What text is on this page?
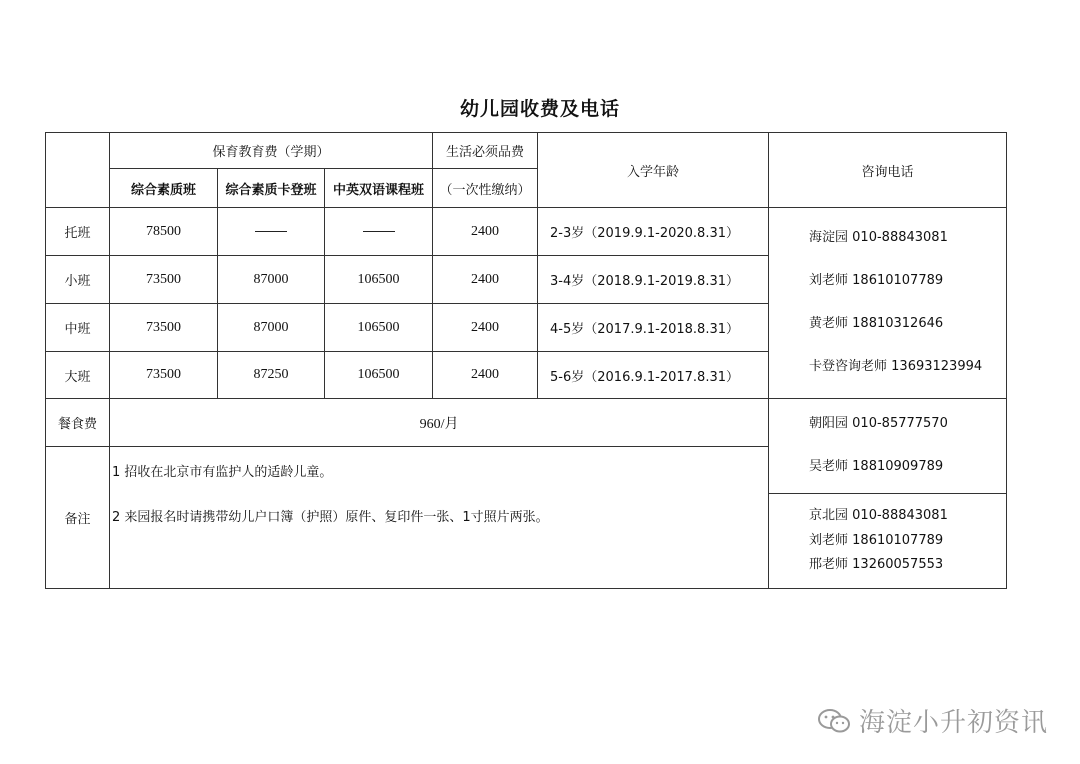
幼儿园收费及电话
	保育教育费（学期）			生活必须品费	入学年龄	咨询电话
	综合素质班	综合素质卡登班	中英双语课程班	（一次性缴纳）		
托班	78500			2400	2-3岁（2019.9.1-2020.8.31）	海淀园 010-88843081
刘老师 18610107789
黄老师 18810312646
卡登咨询老师 13693123994

小班	73500	87000	106500	2400	3-4岁（2018.9.1-2019.8.31）	
中班	73500	87000	106500	2400	4-5岁（2017.9.1-2018.8.31）	
大班	73500	87250	106500	2400	5-6岁（2016.9.1-2017.8.31）	
餐食费	960/月					朝阳园 010-85777570
吴老师 18810909789

备注	1 招收在北京市有监护人的适龄儿童。
2 来园报名时请携带幼儿户口簿（护照）原件、复印件一张、1寸照片两张。					

						京北园 010-88843081
刘老师 18610107789
邢老师 13260057553
海淀小升初资讯
